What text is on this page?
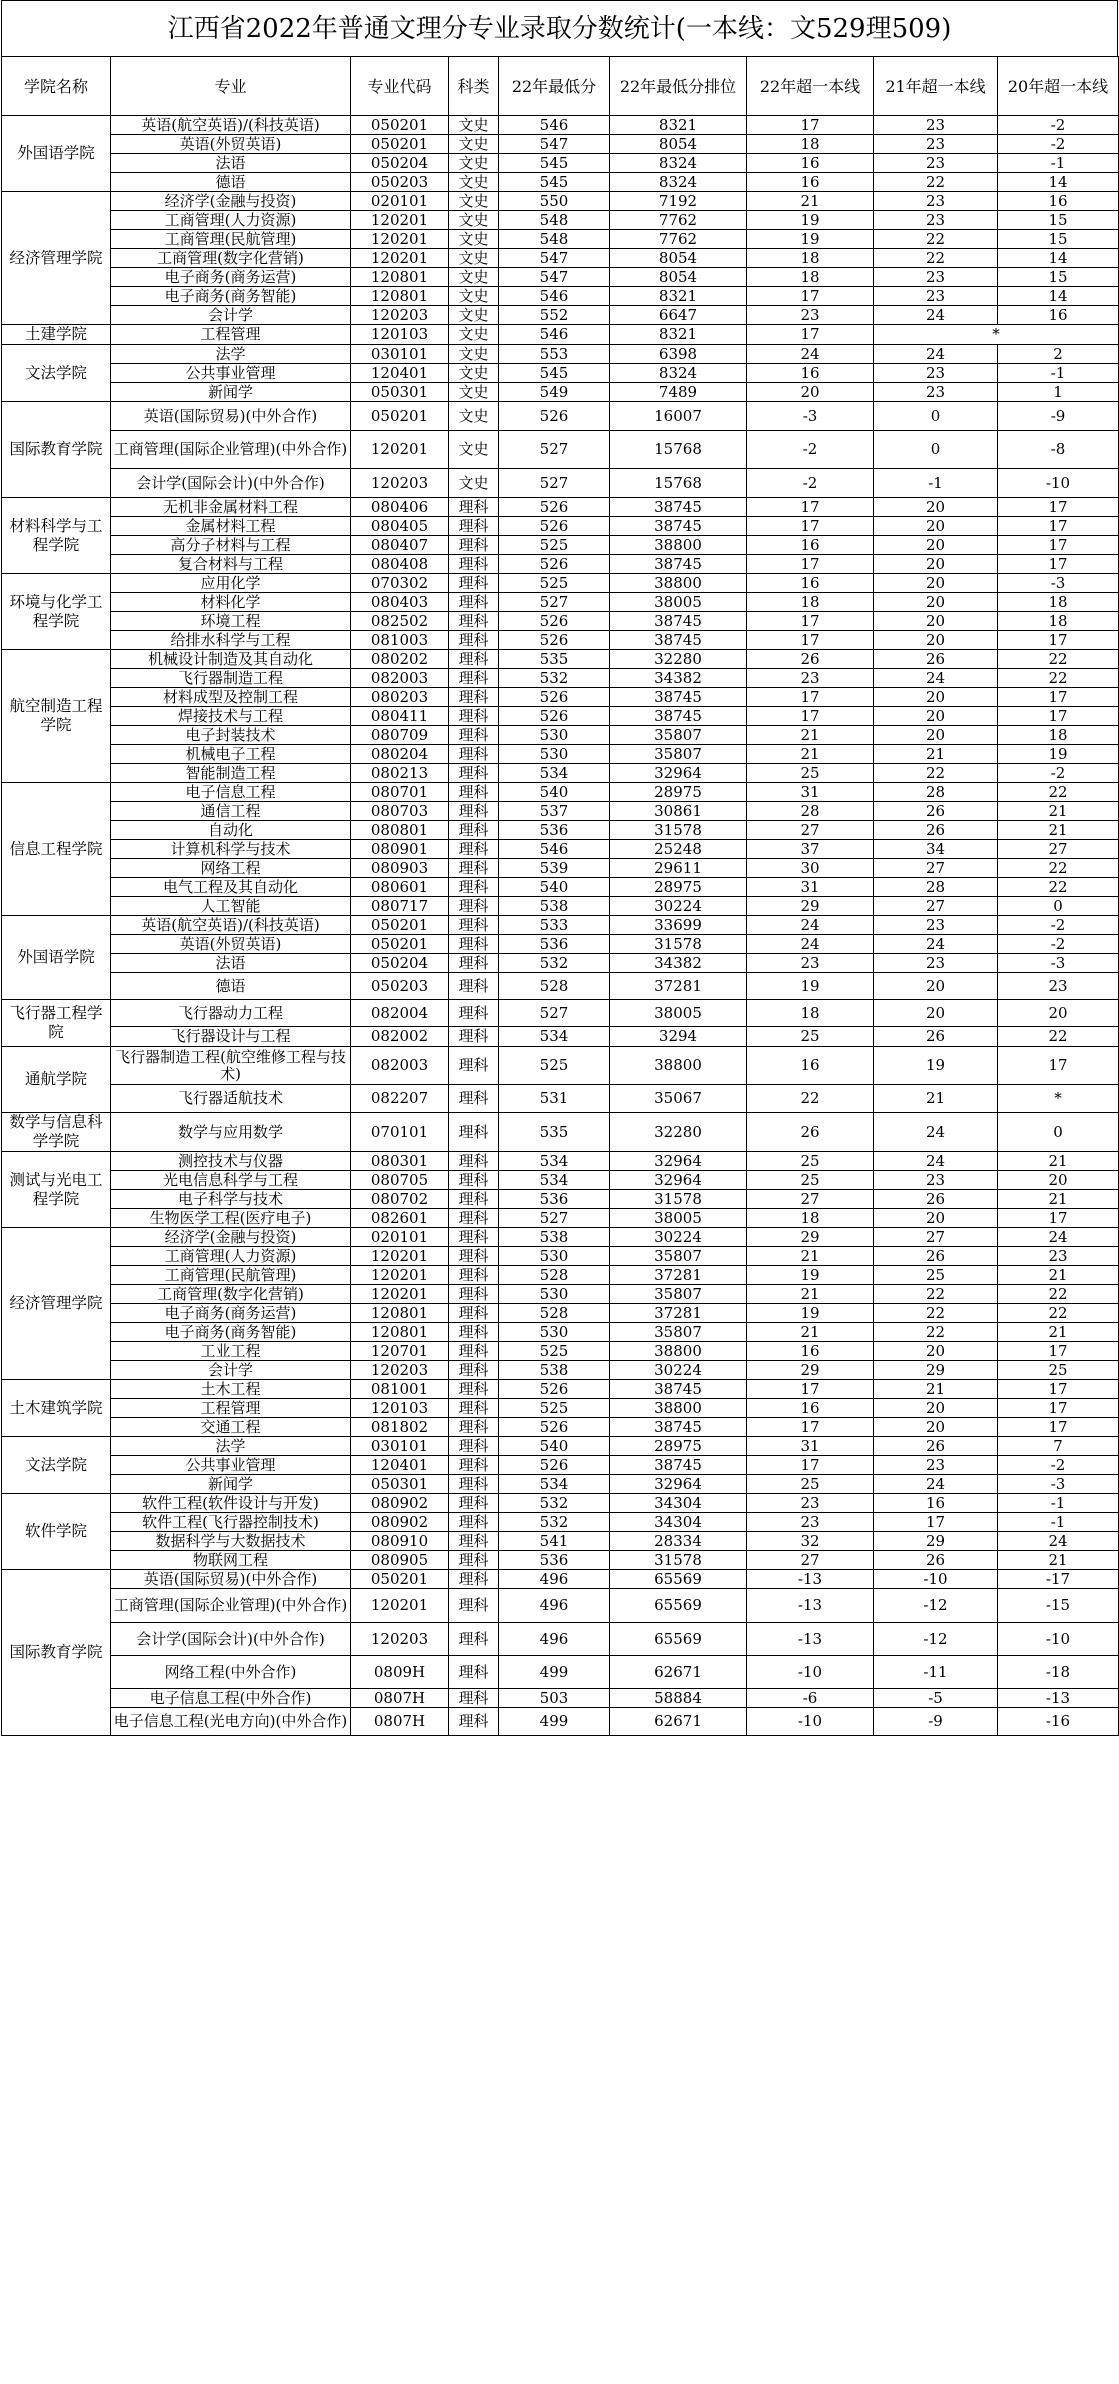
江西省2022年普通文理分专业录取分数统计(一本线：文529理509)
学院名称	专业	专业代码	科类	22年最低分	22年最低分排位	22年超一本线	21年超一本线	20年超一本线
外国语学院	英语(航空英语)/(科技英语)	050201	文史	546	8321	17	23	-2
	英语(外贸英语)	050201	文史	547	8054	18	23	-2
	法语	050204	文史	545	8324	16	23	-1
	德语	050203	文史	545	8324	16	22	14
经济管理学院	经济学(金融与投资)	020101	文史	550	7192	21	23	16
	工商管理(人力资源)	120201	文史	548	7762	19	23	15
	工商管理(民航管理)	120201	文史	548	7762	19	22	15
	工商管理(数字化营销)	120201	文史	547	8054	18	22	14
	电子商务(商务运营)	120801	文史	547	8054	18	23	15
	电子商务(商务智能)	120801	文史	546	8321	17	23	14
	会计学	120203	文史	552	6647	23	24	16
土建学院	工程管理	120103	文史	546	8321	17	*	
文法学院	法学	030101	文史	553	6398	24	24	2
	公共事业管理	120401	文史	545	8324	16	23	-1
	新闻学	050301	文史	549	7489	20	23	1
国际教育学院	英语(国际贸易)(中外合作)	050201	文史	526	16007	-3	0	-9
	工商管理(国际企业管理)(中外合作)	120201	文史	527	15768	-2	0	-8
	会计学(国际会计)(中外合作)	120203	文史	527	15768	-2	-1	-10
材料科学与工程学院	无机非金属材料工程	080406	理科	526	38745	17	20	17
	金属材料工程	080405	理科	526	38745	17	20	17
	高分子材料与工程	080407	理科	525	38800	16	20	17
	复合材料与工程	080408	理科	526	38745	17	20	17
环境与化学工程学院	应用化学	070302	理科	525	38800	16	20	-3
	材料化学	080403	理科	527	38005	18	20	18
	环境工程	082502	理科	526	38745	17	20	18
	给排水科学与工程	081003	理科	526	38745	17	20	17
航空制造工程学院	机械设计制造及其自动化	080202	理科	535	32280	26	26	22
	飞行器制造工程	082003	理科	532	34382	23	24	22
	材料成型及控制工程	080203	理科	526	38745	17	20	17
	焊接技术与工程	080411	理科	526	38745	17	20	17
	电子封装技术	080709	理科	530	35807	21	20	18
	机械电子工程	080204	理科	530	35807	21	21	19
	智能制造工程	080213	理科	534	32964	25	22	-2
信息工程学院	电子信息工程	080701	理科	540	28975	31	28	22
	通信工程	080703	理科	537	30861	28	26	21
	自动化	080801	理科	536	31578	27	26	21
	计算机科学与技术	080901	理科	546	25248	37	34	27
	网络工程	080903	理科	539	29611	30	27	22
	电气工程及其自动化	080601	理科	540	28975	31	28	22
	人工智能	080717	理科	538	30224	29	27	0
外国语学院	英语(航空英语)/(科技英语)	050201	理科	533	33699	24	23	-2
	英语(外贸英语)	050201	理科	536	31578	24	24	-2
	法语	050204	理科	532	34382	23	23	-3
	德语	050203	理科	528	37281	19	20	23
飞行器工程学院	飞行器动力工程	082004	理科	527	38005	18	20	20
	飞行器设计与工程	082002	理科	534	3294	25	26	22
通航学院	飞行器制造工程(航空维修工程与技术)	082003	理科	525	38800	16	19	17
	飞行器适航技术	082207	理科	531	35067	22	21	*
数学与信息科学学院	数学与应用数学	070101	理科	535	32280	26	24	0
测试与光电工程学院	测控技术与仪器	080301	理科	534	32964	25	24	21
	光电信息科学与工程	080705	理科	534	32964	25	23	20
	电子科学与技术	080702	理科	536	31578	27	26	21
	生物医学工程(医疗电子)	082601	理科	527	38005	18	20	17
经济管理学院	经济学(金融与投资)	020101	理科	538	30224	29	27	24
	工商管理(人力资源)	120201	理科	530	35807	21	26	23
	工商管理(民航管理)	120201	理科	528	37281	19	25	21
	工商管理(数字化营销)	120201	理科	530	35807	21	22	22
	电子商务(商务运营)	120801	理科	528	37281	19	22	22
	电子商务(商务智能)	120801	理科	530	35807	21	22	21
	工业工程	120701	理科	525	38800	16	20	17
	会计学	120203	理科	538	30224	29	29	25
土木建筑学院	土木工程	081001	理科	526	38745	17	21	17
	工程管理	120103	理科	525	38800	16	20	17
	交通工程	081802	理科	526	38745	17	20	17
文法学院	法学	030101	理科	540	28975	31	26	7
	公共事业管理	120401	理科	526	38745	17	23	-2
	新闻学	050301	理科	534	32964	25	24	-3
软件学院	软件工程(软件设计与开发)	080902	理科	532	34304	23	16	-1
	软件工程(飞行器控制技术)	080902	理科	532	34304	23	17	-1
	数据科学与大数据技术	080910	理科	541	28334	32	29	24
	物联网工程	080905	理科	536	31578	27	26	21
国际教育学院	英语(国际贸易)(中外合作)	050201	理科	496	65569	-13	-10	-17
	工商管理(国际企业管理)(中外合作)	120201	理科	496	65569	-13	-12	-15
	会计学(国际会计)(中外合作)	120203	理科	496	65569	-13	-12	-10
	网络工程(中外合作)	0809H	理科	499	62671	-10	-11	-18
	电子信息工程(中外合作)	0807H	理科	503	58884	-6	-5	-13
	电子信息工程(光电方向)(中外合作)	0807H	理科	499	62671	-10	-9	-16
